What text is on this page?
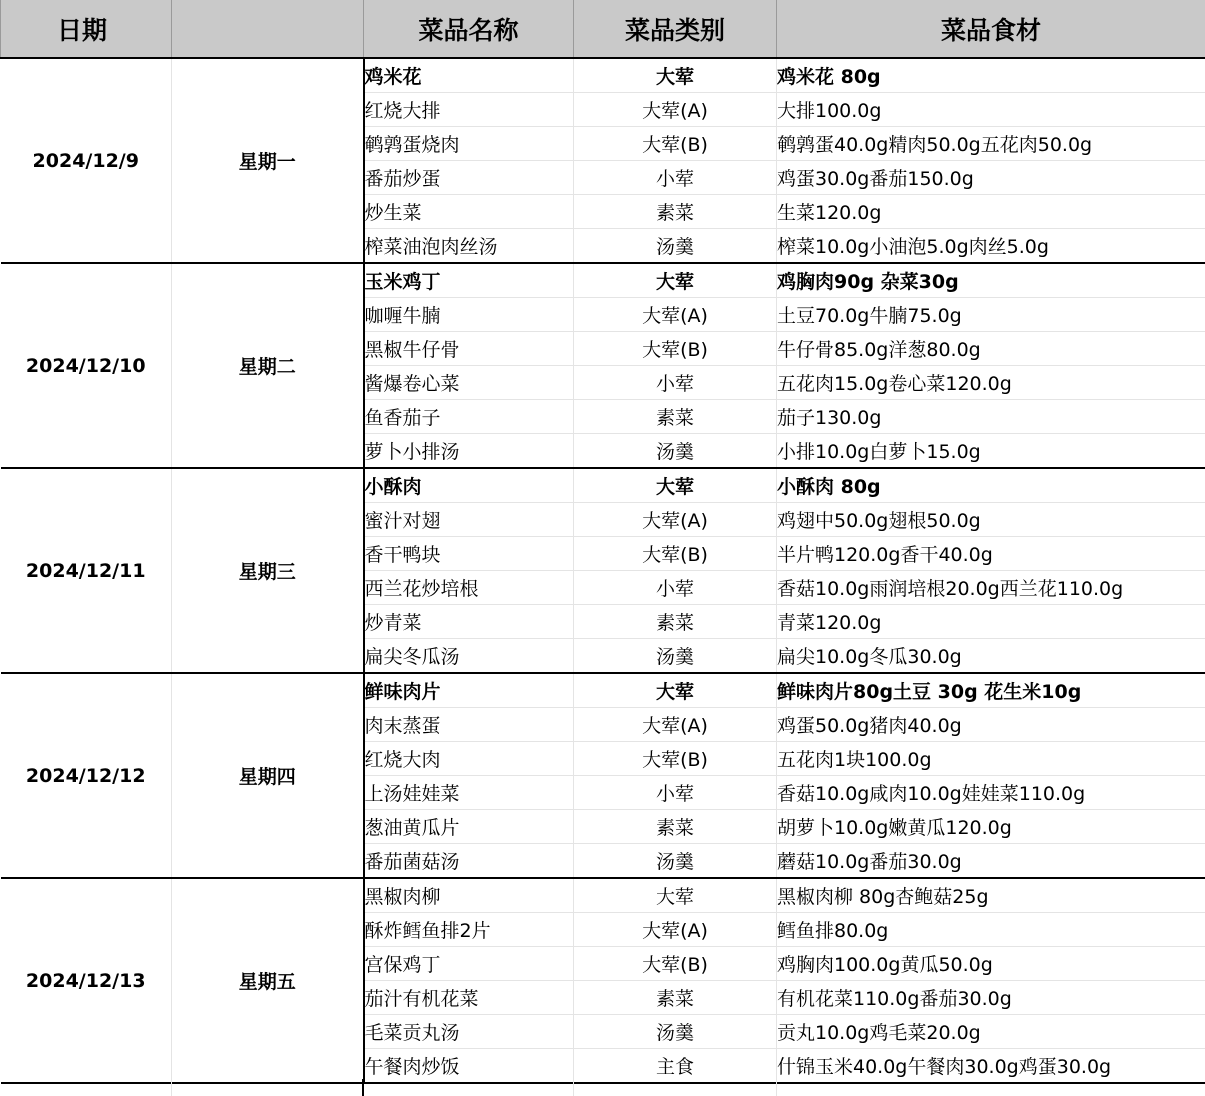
日期		菜品名称	菜品类别	菜品食材
2024/12/9	星期一	鸡米花	大荤	鸡米花 80g
		红烧大排	大荤(A)	大排100.0g
		鹌鹑蛋烧肉	大荤(B)	鹌鹑蛋40.0g精肉50.0g五花肉50.0g
		番茄炒蛋	小荤	鸡蛋30.0g番茄150.0g
		炒生菜	素菜	生菜120.0g
		榨菜油泡肉丝汤	汤羹	榨菜10.0g小油泡5.0g肉丝5.0g
2024/12/10	星期二	玉米鸡丁	大荤	鸡胸肉90g 杂菜30g
		咖喱牛腩	大荤(A)	土豆70.0g牛腩75.0g
		黑椒牛仔骨	大荤(B)	牛仔骨85.0g洋葱80.0g
		酱爆卷心菜	小荤	五花肉15.0g卷心菜120.0g
		鱼香茄子	素菜	茄子130.0g
		萝卜小排汤	汤羹	小排10.0g白萝卜15.0g
2024/12/11	星期三	小酥肉	大荤	小酥肉 80g
		蜜汁对翅	大荤(A)	鸡翅中50.0g翅根50.0g
		香干鸭块	大荤(B)	半片鸭120.0g香干40.0g
		西兰花炒培根	小荤	香菇10.0g雨润培根20.0g西兰花110.0g
		炒青菜	素菜	青菜120.0g
		扁尖冬瓜汤	汤羹	扁尖10.0g冬瓜30.0g
2024/12/12	星期四	鲜味肉片	大荤	鲜味肉片80g土豆 30g 花生米10g
		肉末蒸蛋	大荤(A)	鸡蛋50.0g猪肉40.0g
		红烧大肉	大荤(B)	五花肉1块100.0g
		上汤娃娃菜	小荤	香菇10.0g咸肉10.0g娃娃菜110.0g
		葱油黄瓜片	素菜	胡萝卜10.0g嫩黄瓜120.0g
		番茄菌菇汤	汤羹	蘑菇10.0g番茄30.0g
2024/12/13	星期五	黑椒肉柳	大荤	黑椒肉柳 80g杏鲍菇25g
		酥炸鳕鱼排2片	大荤(A)	鳕鱼排80.0g
		宫保鸡丁	大荤(B)	鸡胸肉100.0g黄瓜50.0g
		茄汁有机花菜	素菜	有机花菜110.0g番茄30.0g
		毛菜贡丸汤	汤羹	贡丸10.0g鸡毛菜20.0g
		午餐肉炒饭	主食	什锦玉米40.0g午餐肉30.0g鸡蛋30.0g
